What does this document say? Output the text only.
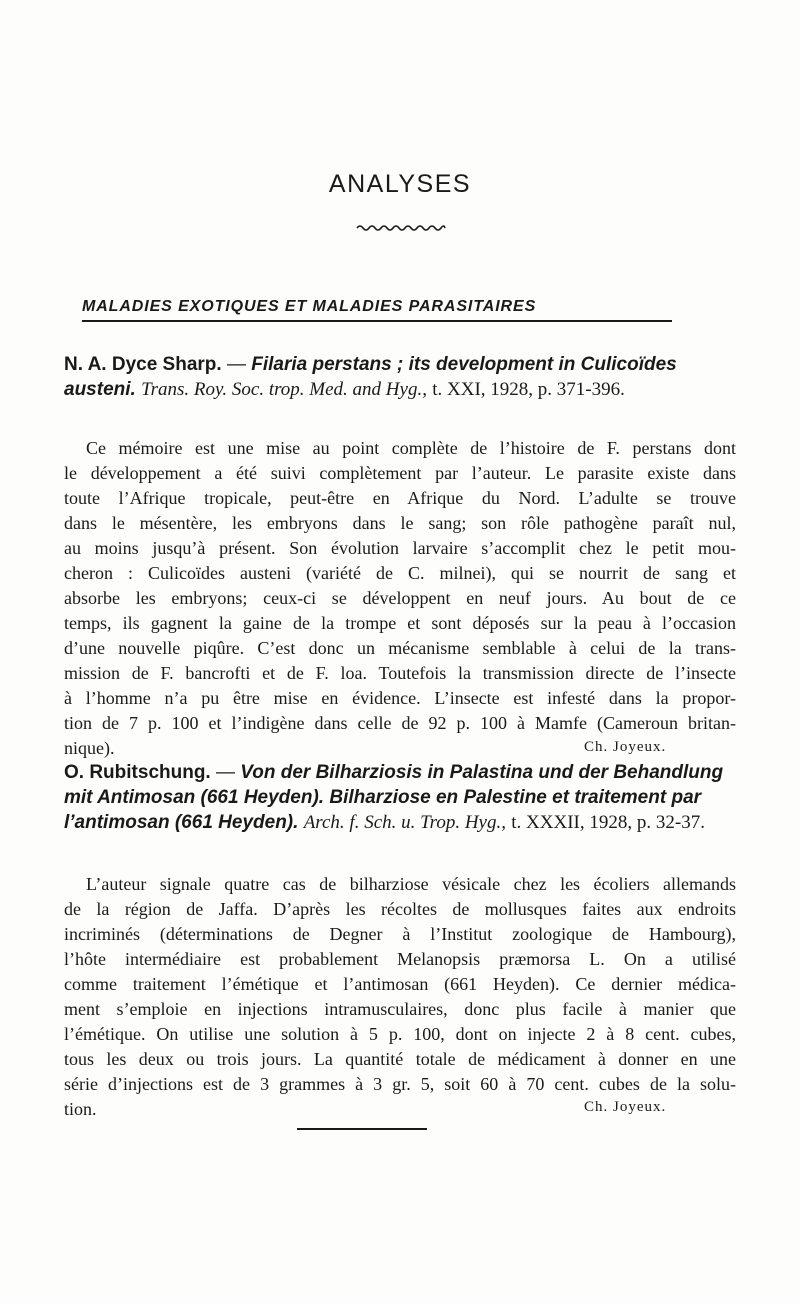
ANALYSES
MALADIES EXOTIQUES ET MALADIES PARASITAIRES
N. A. Dyce Sharp. — Filaria perstans ; its development in Culicoïdes austeni. Trans. Roy. Soc. trop. Med. and Hyg., t. XXI, 1928, p. 371-396.
Ce mémoire est une mise au point complète de l’histoire de F. perstans dont
le développement a été suivi complètement par l’auteur. Le parasite existe dans
toute l’Afrique tropicale, peut-être en Afrique du Nord. L’adulte se trouve
dans le mésentère, les embryons dans le sang; son rôle pathogène paraît nul,
au moins jusqu’à présent. Son évolution larvaire s’accomplit chez le petit mou-
cheron : Culicoïdes austeni (variété de C. milnei), qui se nourrit de sang et
absorbe les embryons; ceux-ci se développent en neuf jours. Au bout de ce
temps, ils gagnent la gaine de la trompe et sont déposés sur la peau à l’occasion
d’une nouvelle piqûre. C’est donc un mécanisme semblable à celui de la trans-
mission de F. bancrofti et de F. loa. Toutefois la transmission directe de l’insecte
à l’homme n’a pu être mise en évidence. L’insecte est infesté dans la propor-
tion de 7 p. 100 et l’indigène dans celle de 92 p. 100 à Mamfe (Cameroun britan-
nique).	Ch. Joyeux.
O. Rubitschung. — Von der Bilharziosis in Palastina und der Behandlung mit Antimosan (661 Heyden). Bilharziose en Palestine et traitement par l’antimosan (661 Heyden). Arch. f. Sch. u. Trop. Hyg., t. XXXII, 1928, p. 32-37.
L’auteur signale quatre cas de bilharziose vésicale chez les écoliers allemands
de la région de Jaffa. D’après les récoltes de mollusques faites aux endroits
incriminés (déterminations de Degner à l’Institut zoologique de Hambourg),
l’hôte intermédiaire est probablement Melanopsis præmorsa L. On a utilisé
comme traitement l’émétique et l’antimosan (661 Heyden). Ce dernier médica-
ment s’emploie en injections intramusculaires, donc plus facile à manier que
l’émétique. On utilise une solution à 5 p. 100, dont on injecte 2 à 8 cent. cubes,
tous les deux ou trois jours. La quantité totale de médicament à donner en une
série d’injections est de 3 grammes à 3 gr. 5, soit 60 à 70 cent. cubes de la solu-
tion.	Ch. Joyeux.
